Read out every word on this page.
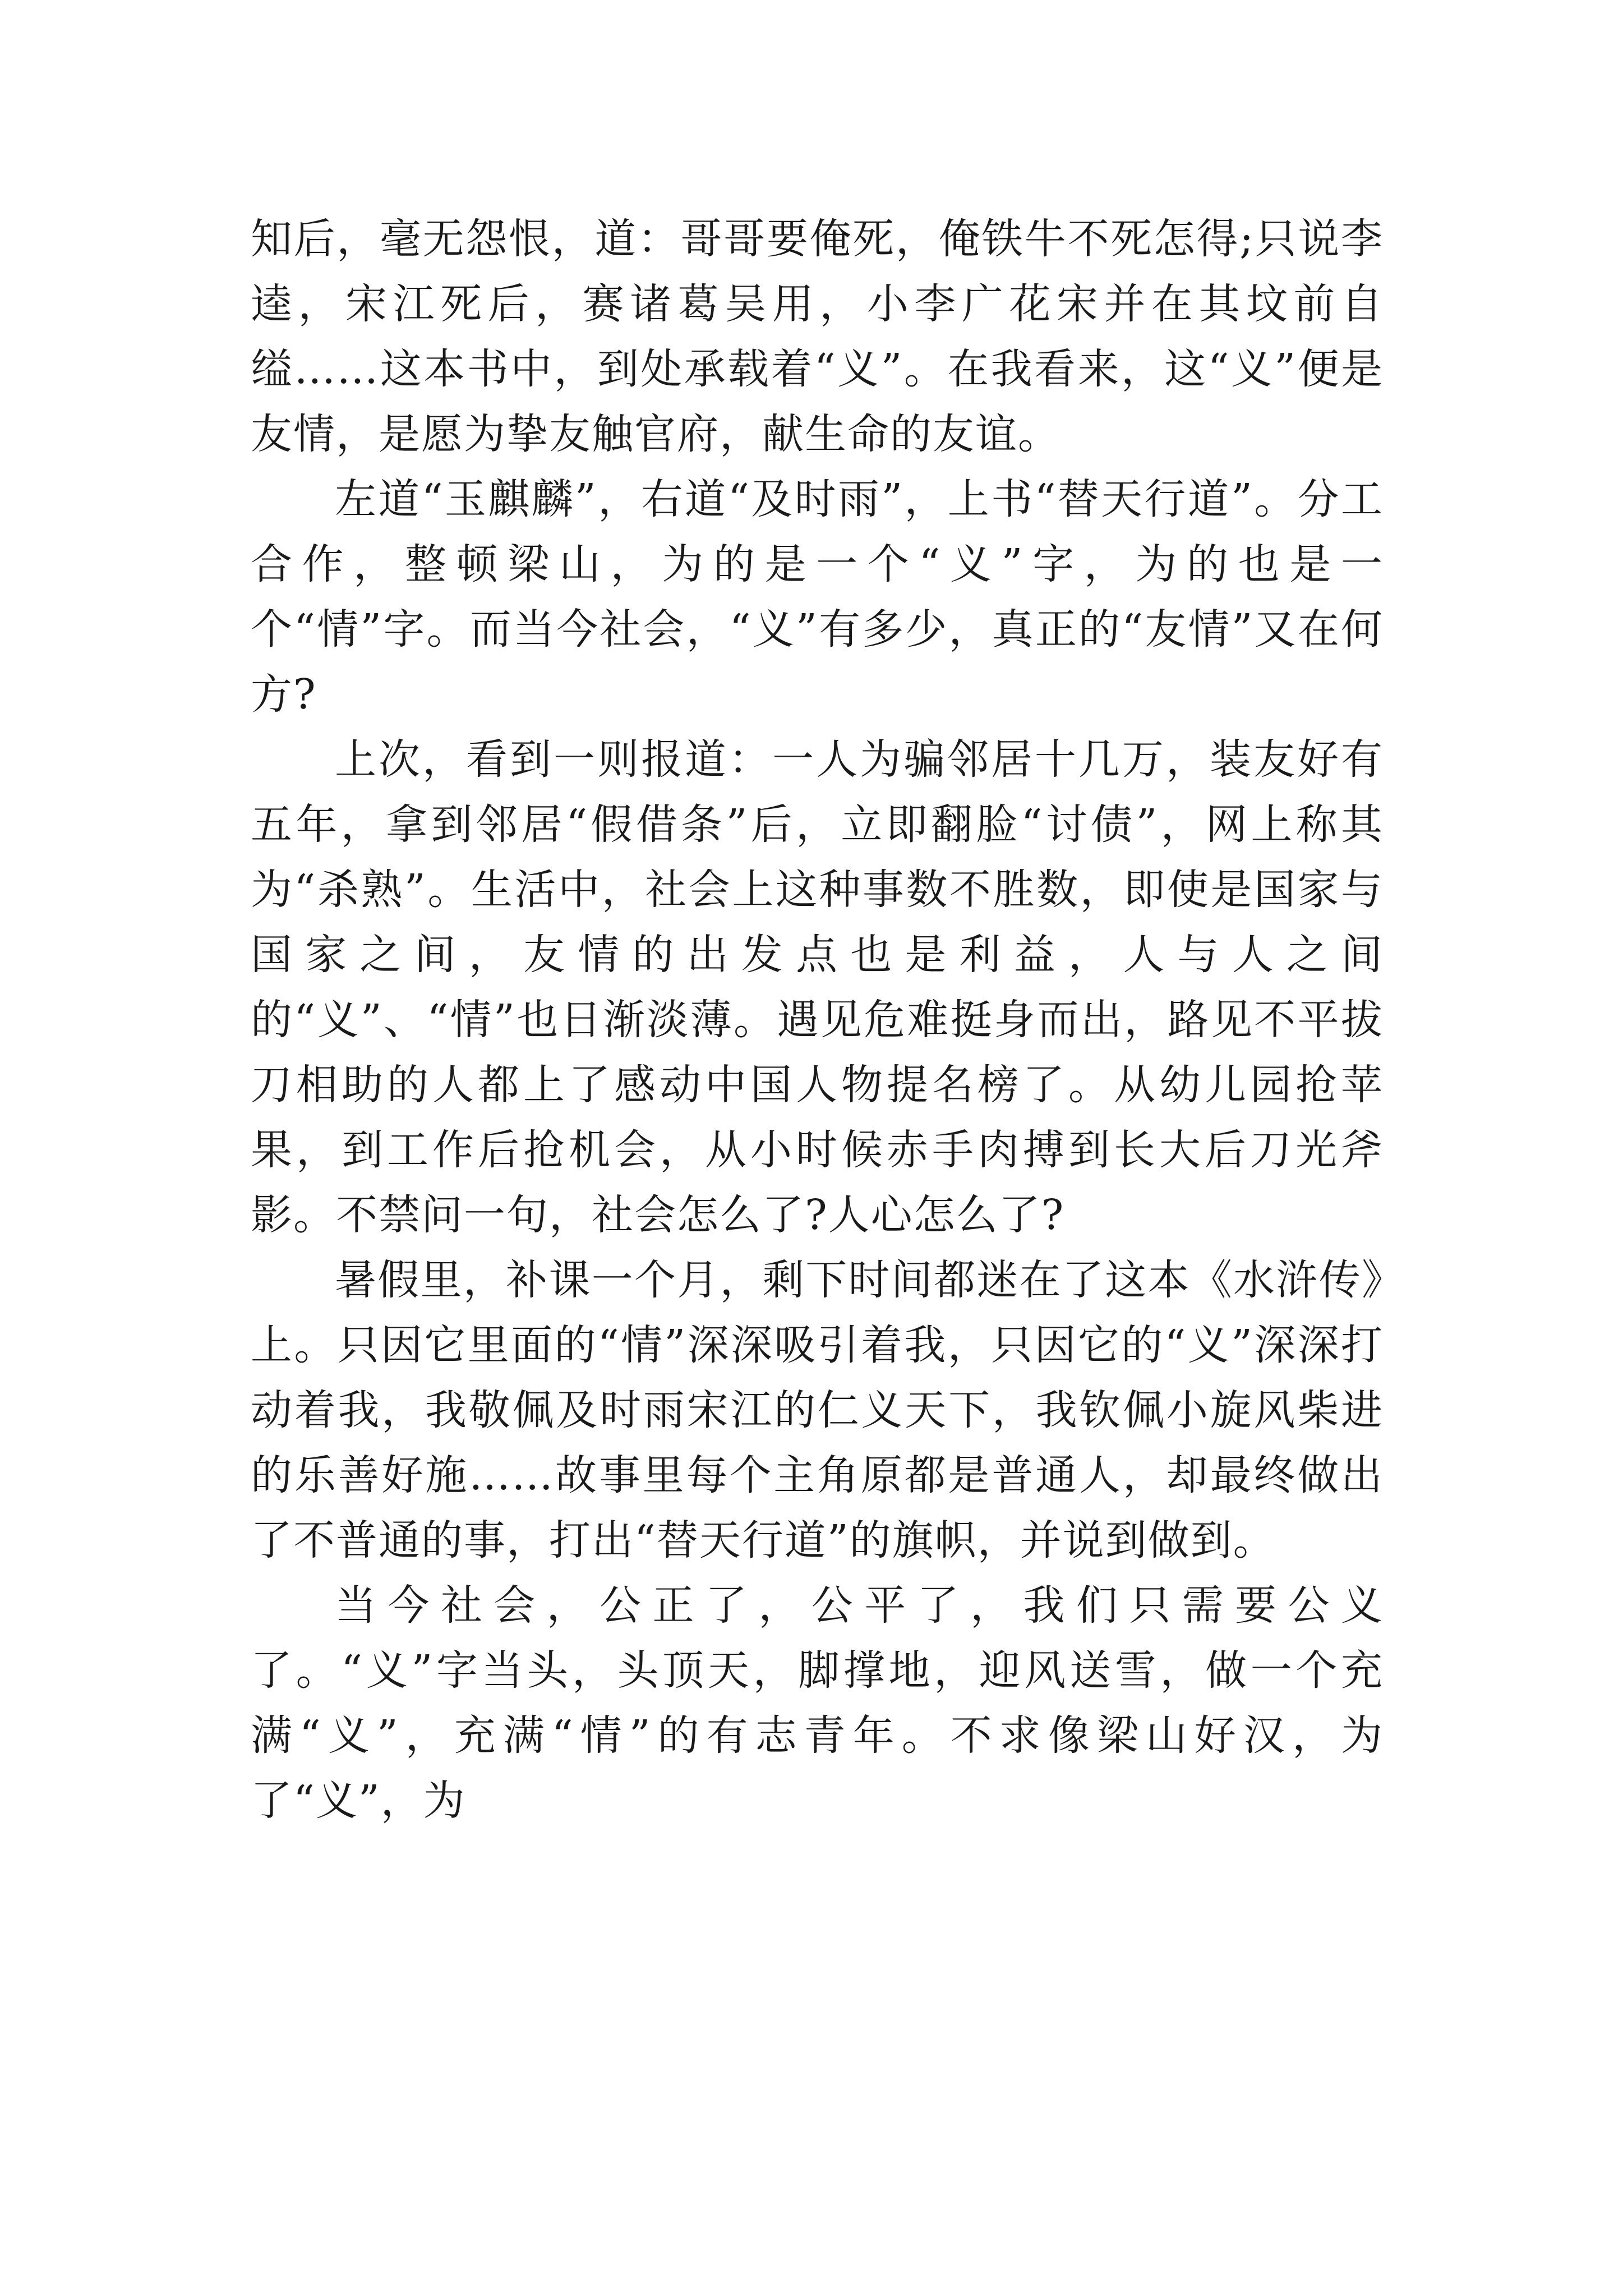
知后，毫无怨恨，道：哥哥要俺死，俺铁牛不死怎得;只说李逵，宋江死后，赛诸葛吴用，小李广花宋并在其坟前自缢……这本书中，到处承载着“义”。在我看来，这“义”便是友情，是愿为挚友触官府，献生命的友谊。

左道“玉麒麟”，右道“及时雨”，上书“替天行道”。分工合作，整顿梁山，为的是一个“义”字，为的也是一个“情”字。而当今社会，“义”有多少，真正的“友情”又在何方?

上次，看到一则报道：一人为骗邻居十几万，装友好有五年，拿到邻居“假借条”后，立即翻脸“讨债”，网上称其为“杀熟”。生活中，社会上这种事数不胜数，即使是国家与国家之间，友情的出发点也是利益，人与人之间的“义”、“情”也日渐淡薄。遇见危难挺身而出，路见不平拔刀相助的人都上了感动中国人物提名榜了。从幼儿园抢苹果，到工作后抢机会，从小时候赤手肉搏到长大后刀光斧影。不禁问一句，社会怎么了?人心怎么了?

暑假里，补课一个月，剩下时间都迷在了这本《水浒传》上。只因它里面的“情”深深吸引着我，只因它的“义”深深打动着我，我敬佩及时雨宋江的仁义天下，我钦佩小旋风柴进的乐善好施……故事里每个主角原都是普通人，却最终做出了不普通的事，打出“替天行道”的旗帜，并说到做到。

当今社会，公正了，公平了，我们只需要公义了。“义”字当头，头顶天，脚撑地，迎风送雪，做一个充满“义”，充满“情”的有志青年。不求像梁山好汉，为了“义”，为
